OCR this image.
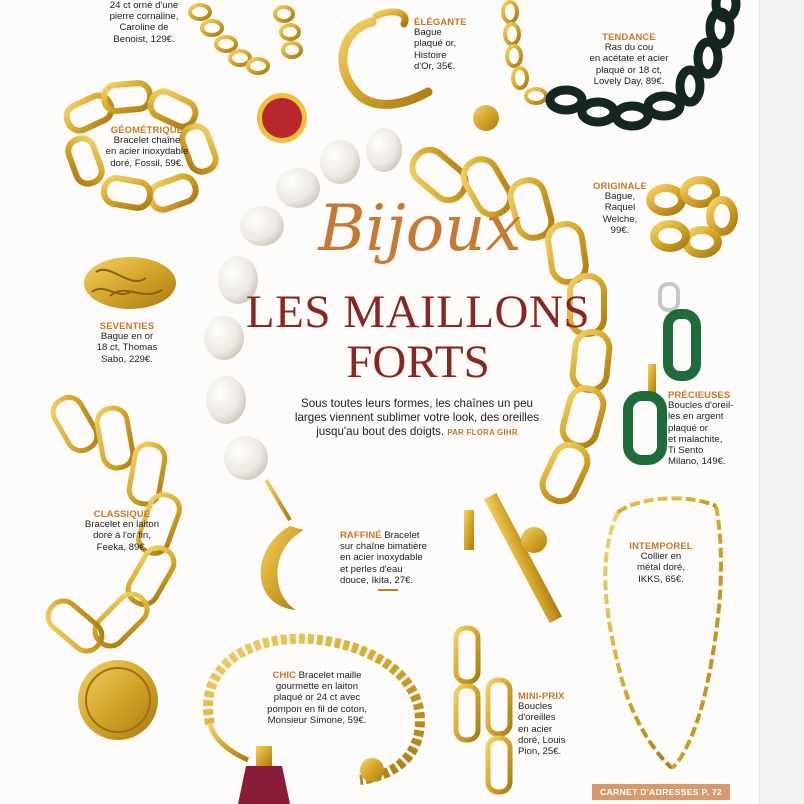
Bijoux
LES MAILLONS
FORTS
Sous toutes leurs formes, les chaînes un peu larges viennent sublimer votre look, des oreilles jusqu'au bout des doigts. PAR FLORA GIHR
24 ct orné d'une
pierre cornaline,
Caroline de
Benoist, 129€.
ÉLÉGANTE
Bague
plaqué or,
Histoire
d'Or, 35€.
TENDANCE
Ras du cou
en acétate et acier
plaqué or 18 ct,
Lovely Day, 89€.
GÉOMÉTRIQUE
Bracelet chaîne
en acier inoxydable
doré, Fossil, 59€.
ORIGINALE
Bague,
Raquel
Welche,
99€.
SEVENTIES
Bague en or
18 ct, Thomas
Sabo, 229€.
PRÉCIEUSES
Boucles d'oreil-
les en argent
plaqué or
et malachite,
Ti Sento
Milano, 149€.
CLASSIQUE
Bracelet en laiton
doré à l'or fin,
Feeka, 89€.
RAFFINÉ Bracelet
sur chaîne bimatière
en acier inoxydable
et perles d'eau
douce, Ikita, 27€.
INTEMPOREL
Collier en
métal doré,
IKKS, 65€.
CHIC Bracelet maille
gourmette en laiton
plaqué or 24 ct avec
pompon en fil de coton,
Monsieur Simone, 59€.
MINI-PRIX
Boucles
d'oreilles
en acier
doré, Louis
Pion, 25€.
CARNET D'ADRESSES P. 72
